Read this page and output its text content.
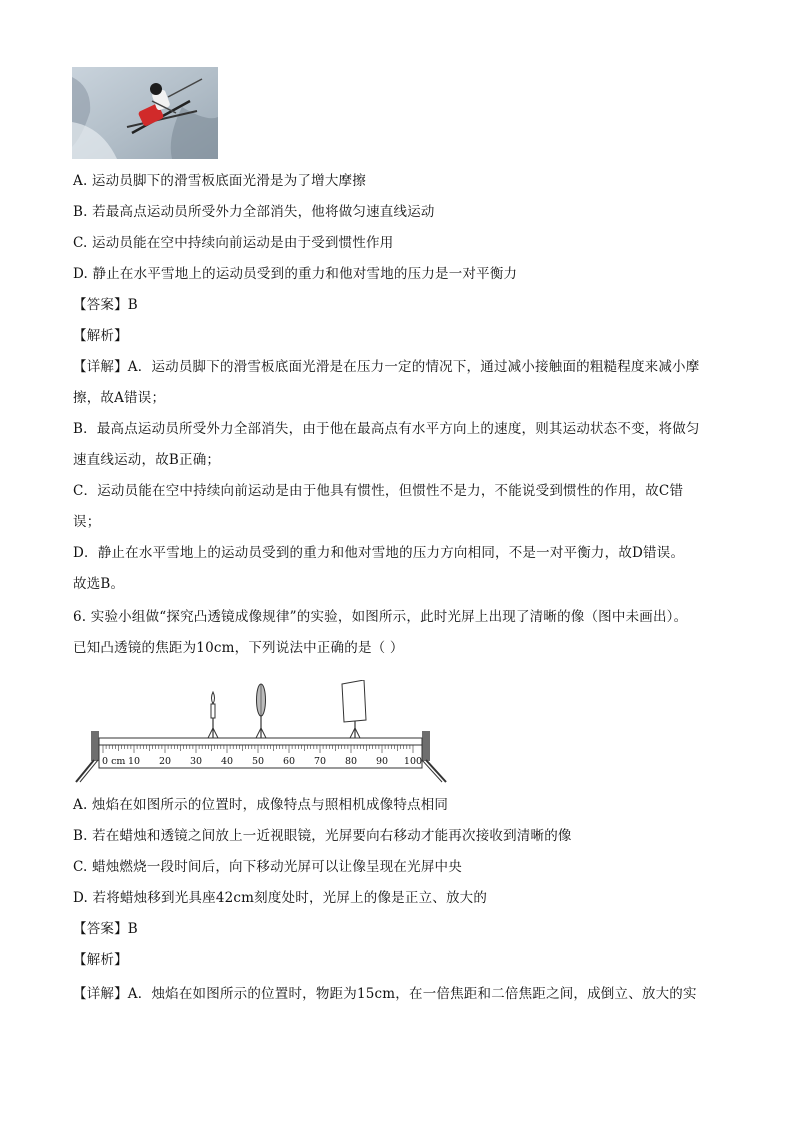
A. 运动员脚下的滑雪板底面光滑是为了增大摩擦
B. 若最高点运动员所受外力全部消失，他将做匀速直线运动
C. 运动员能在空中持续向前运动是由于受到惯性作用
D. 静止在水平雪地上的运动员受到的重力和他对雪地的压力是一对平衡力
【答案】B
【解析】
【详解】A．运动员脚下的滑雪板底面光滑是在压力一定的情况下，通过减小接触面的粗糙程度来减小摩
擦，故A错误；
B．最高点运动员所受外力全部消失，由于他在最高点有水平方向上的速度，则其运动状态不变，将做匀
速直线运动，故B正确；
C．运动员能在空中持续向前运动是由于他具有惯性，但惯性不是力，不能说受到惯性的作用，故C错
误；
D．静止在水平雪地上的运动员受到的重力和他对雪地的压力方向相同，不是一对平衡力，故D错误。
故选B。
6. 实验小组做“探究凸透镜成像规律”的实验，如图所示，此时光屏上出现了清晰的像（图中未画出）。
已知凸透镜的焦距为10cm，下列说法中正确的是（ ）
10 20 30 40 50 60 70 80 90 100
0 cm
A. 烛焰在如图所示的位置时，成像特点与照相机成像特点相同
B. 若在蜡烛和透镜之间放上一近视眼镜，光屏要向右移动才能再次接收到清晰的像
C. 蜡烛燃烧一段时间后，向下移动光屏可以让像呈现在光屏中央
D. 若将蜡烛移到光具座42cm刻度处时，光屏上的像是正立、放大的
【答案】B
【解析】
【详解】A．烛焰在如图所示的位置时，物距为15cm，在一倍焦距和二倍焦距之间，成倒立、放大的实
